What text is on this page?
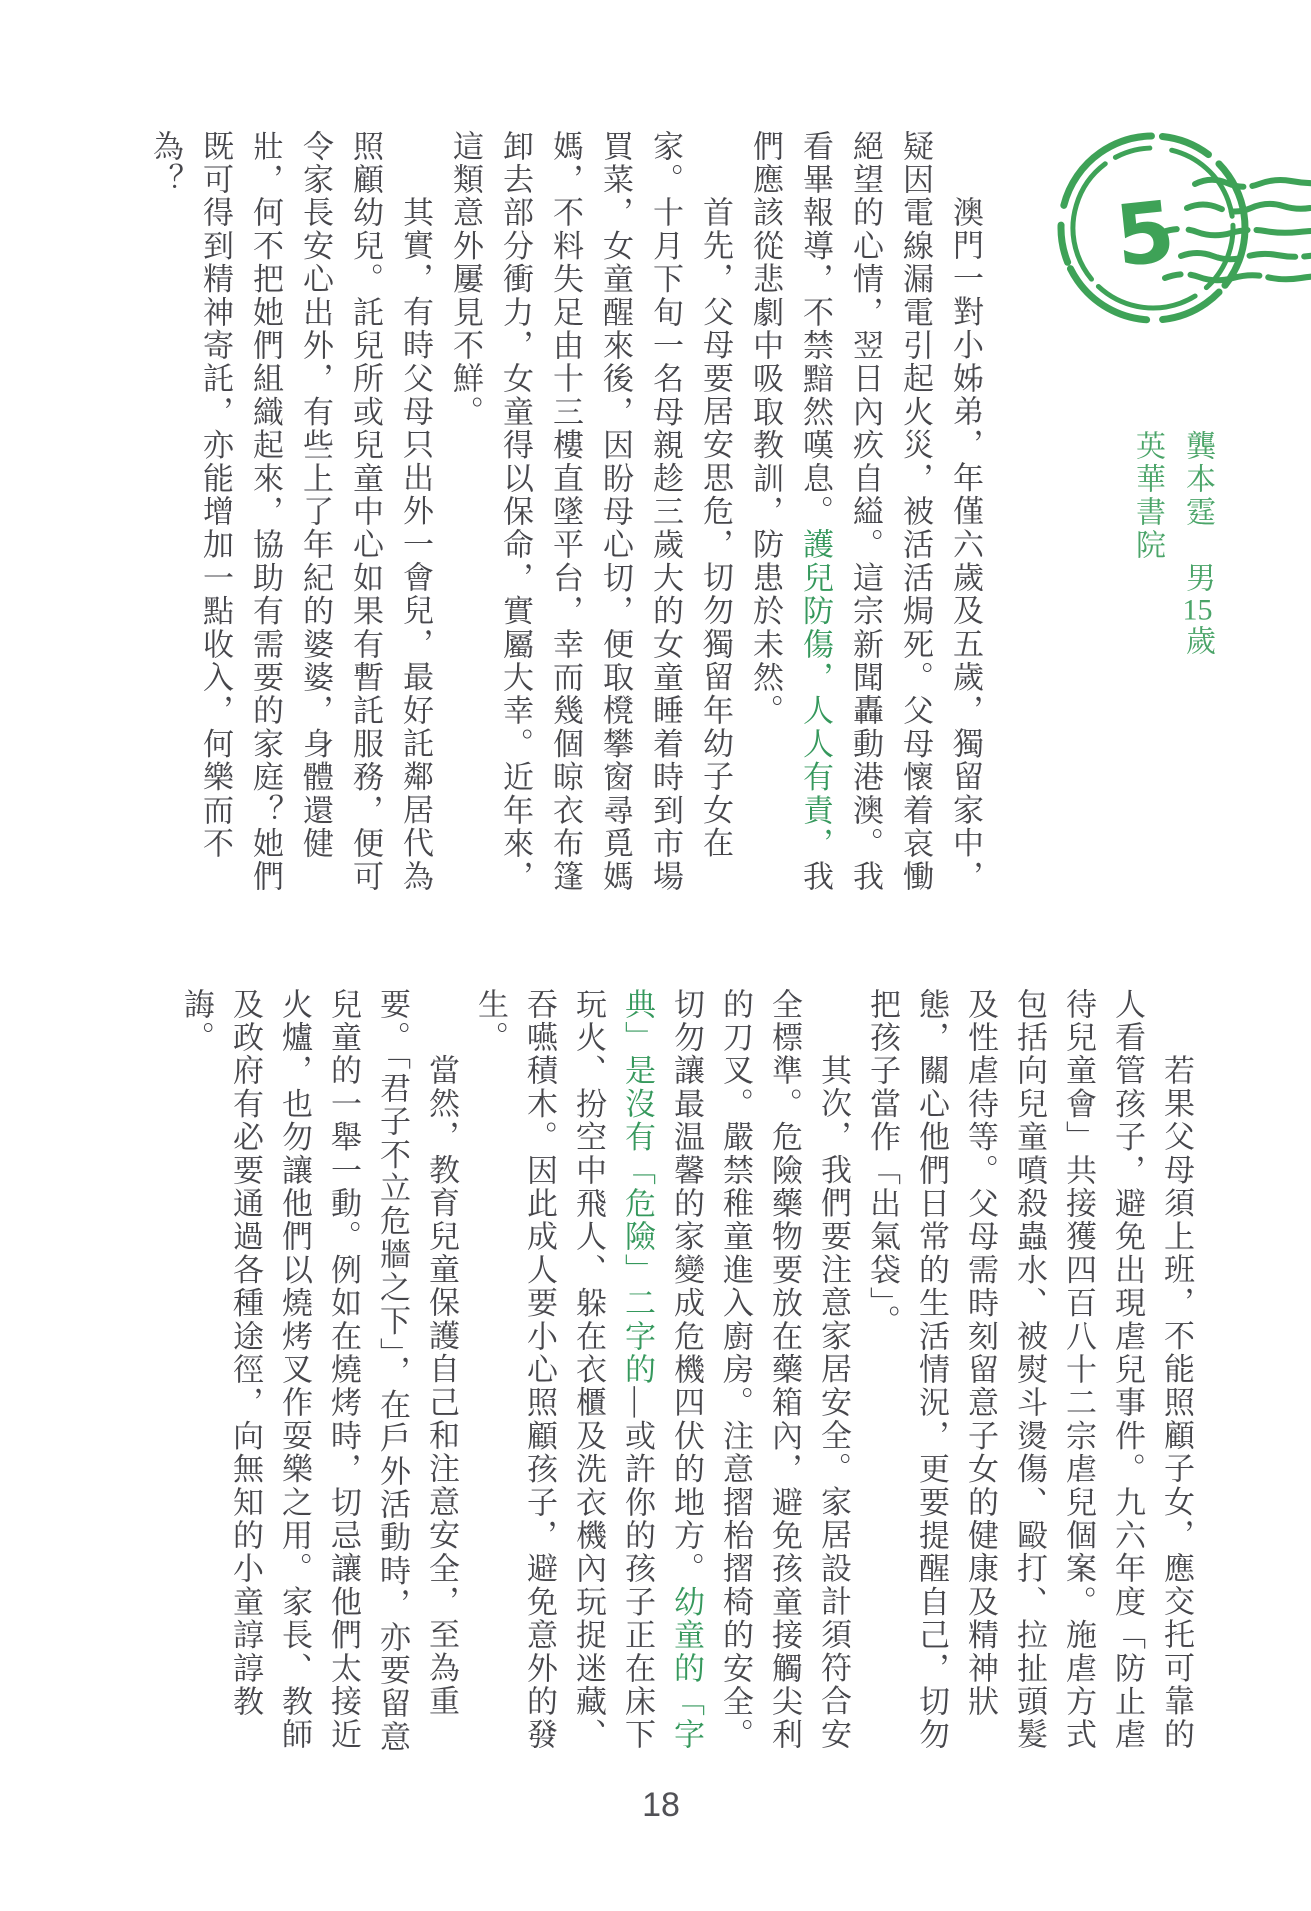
5
龔本霆　男15歲
英華書院

澳門一對小姊弟，年僅六歲及五歲，獨留家中，疑因電線漏電引起火災，被活活焗死。父母懷着哀慟絕望的心情，翌日內疚自縊。這宗新聞轟動港澳。我看畢報導，不禁黯然嘆息。護兒防傷，人人有責，我們應該從悲劇中吸取教訓，防患於未然。

首先，父母要居安思危，切勿獨留年幼子女在家。十月下旬一名母親趁三歲大的女童睡着時到市場買菜，女童醒來後，因盼母心切，便取櫈攀窗尋覓媽媽，不料失足由十三樓直墜平台，幸而幾個晾衣布篷卸去部分衝力，女童得以保命，實屬大幸。近年來，這類意外屢見不鮮。

其實，有時父母只出外一會兒，最好託鄰居代為照顧幼兒。託兒所或兒童中心如果有暫託服務，便可令家長安心出外，有些上了年紀的婆婆，身體還健壯，何不把她們組織起來，協助有需要的家庭？她們既可得到精神寄託，亦能增加一點收入，何樂而不為？

若果父母須上班，不能照顧子女，應交托可靠的人看管孩子，避免出現虐兒事件。九六年度「防止虐待兒童會」共接獲四百八十二宗虐兒個案。施虐方式包括向兒童噴殺蟲水、被熨斗燙傷、毆打、拉扯頭髮及性虐待等。父母需時刻留意子女的健康及精神狀態，關心他們日常的生活情況，更要提醒自己，切勿把孩子當作「出氣袋」。

其次，我們要注意家居安全。家居設計須符合安全標準。危險藥物要放在藥箱內，避免孩童接觸尖利的刀叉。嚴禁稚童進入廚房。注意摺枱摺椅的安全。切勿讓最温馨的家變成危機四伏的地方。幼童的「字典」是沒有「危險」二字的—或許你的孩子正在床下玩火、扮空中飛人、躲在衣櫃及洗衣機內玩捉迷藏、吞嚥積木。因此成人要小心照顧孩子，避免意外的發生。

當然，教育兒童保護自己和注意安全，至為重要。「君子不立危牆之下」，在戶外活動時，亦要留意兒童的一舉一動。例如在燒烤時，切忌讓他們太接近火爐，也勿讓他們以燒烤叉作耍樂之用。家長、教師及政府有必要通過各種途徑，向無知的小童諄諄教誨。

18
